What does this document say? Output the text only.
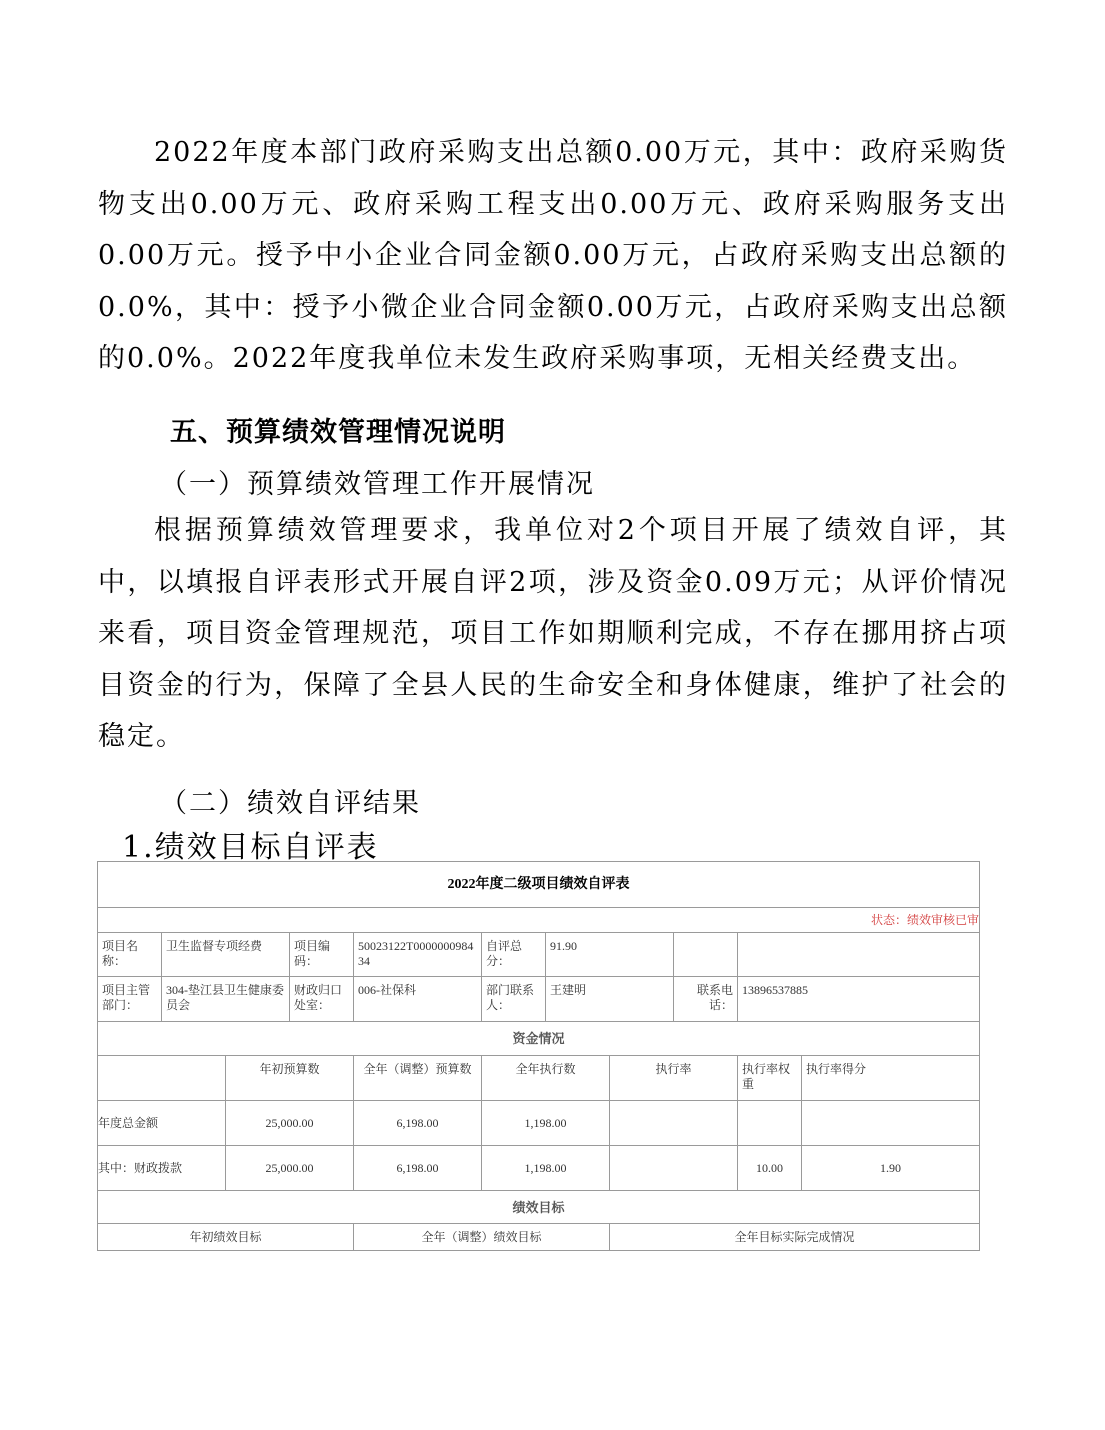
2022年度本部门政府采购支出总额0.00万元，其中：政府采购货物支出0.00万元、政府采购工程支出0.00万元、政府采购服务支出0.00万元。授予中小企业合同金额0.00万元，占政府采购支出总额的0.0%，其中：授予小微企业合同金额0.00万元，占政府采购支出总额的0.0%。2022年度我单位未发生政府采购事项，无相关经费支出。

五、预算绩效管理情况说明

（一）预算绩效管理工作开展情况

根据预算绩效管理要求，我单位对2个项目开展了绩效自评，其中，以填报自评表形式开展自评2项，涉及资金0.09万元；从评价情况来看，项目资金管理规范，项目工作如期顺利完成，不存在挪用挤占项目资金的行为，保障了全县人民的生命安全和身体健康，维护了社会的稳定。

（二）绩效自评结果

1.绩效目标自评表

2022年度二级项目绩效自评表										
状态：绩效审核已审										
项目名称：	卫生监督专项经费		项目编码：	50023122T000000098434	自评总分：	91.90				
项目主管部门：	304-垫江县卫生健康委员会		财政归口处室：	006-社保科	部门联系人：	王建明		联系电话：	13896537885	
资金情况										
		年初预算数		全年（调整）预算数	全年执行数		执行率		执行率权重	执行率得分
年度总金额		25,000.00		6,198.00	1,198.00					
其中：财政拨款		25,000.00		6,198.00	1,198.00				10.00	1.90
绩效目标										
年初绩效目标				全年（调整）绩效目标			全年目标实际完成情况			
